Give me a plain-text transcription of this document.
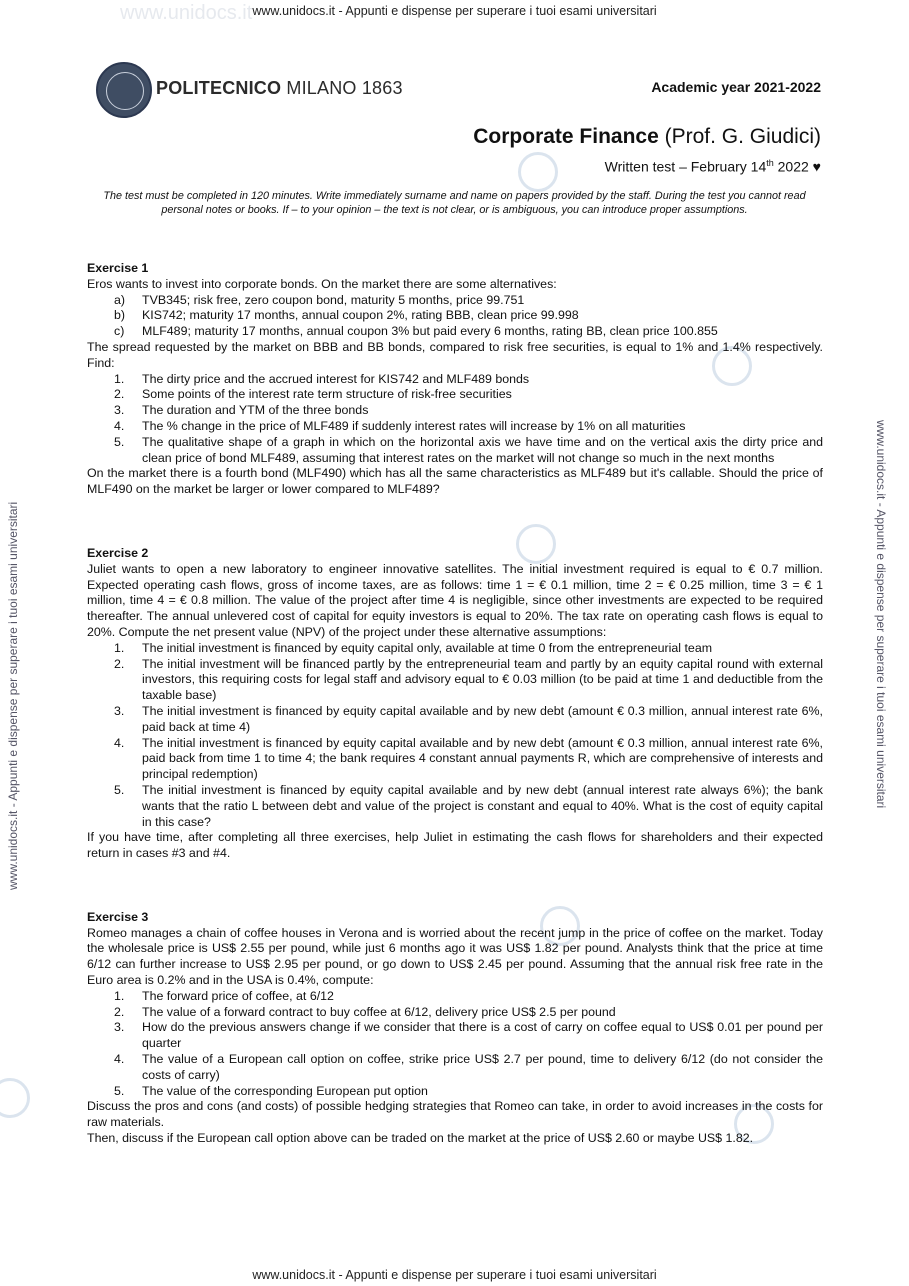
www.unidocs.it - Appunti e dispense per superare i tuoi esami universitari
www.unidocs.it - Appunti e dispense per superare i tuoi esami universitari
www.unidocs.it - Appunti e dispense per superare i tuoi esami universitari	www.unidocs.it - Appunti e dispense per superare i tuoi esami universitari
www.unidocs.it
POLITECNICO MILANO 1863	Academic year 2021-2022
Corporate Finance (Prof. G. Giudici)
Written test – February 14th 2022 ♥
The test must be completed in 120 minutes. Write immediately surname and name on papers provided by the staff. During the test you cannot read personal notes or books. If – to your opinion – the text is not clear, or is ambiguous, you can introduce proper assumptions.

Exercise 1

Eros wants to invest into corporate bonds. On the market there are some alternatives:

a) TVB345; risk free, zero coupon bond, maturity 5 months, price 99.751
b) KIS742; maturity 17 months, annual coupon 2%, rating BBB, clean price 99.998
c) MLF489; maturity 17 months, annual coupon 3% but paid every 6 months, rating BB, clean price 100.855

The spread requested by the market on BBB and BB bonds, compared to risk free securities, is equal to 1% and 1.4% respectively. Find:

1. The dirty price and the accrued interest for KIS742 and MLF489 bonds
2. Some points of the interest rate term structure of risk-free securities
3. The duration and YTM of the three bonds
4. The % change in the price of MLF489 if suddenly interest rates will increase by 1% on all maturities
5. The qualitative shape of a graph in which on the horizontal axis we have time and on the vertical axis the dirty price and clean price of bond MLF489, assuming that interest rates on the market will not change so much in the next months

On the market there is a fourth bond (MLF490) which has all the same characteristics as MLF489 but it's callable. Should the price of MLF490 on the market be larger or lower compared to MLF489?

Exercise 2

Juliet wants to open a new laboratory to engineer innovative satellites. The initial investment required is equal to € 0.7 million. Expected operating cash flows, gross of income taxes, are as follows: time 1 = € 0.1 million, time 2 = € 0.25 million, time 3 = € 1 million, time 4 = € 0.8 million. The value of the project after time 4 is negligible, since other investments are expected to be required thereafter. The annual unlevered cost of capital for equity investors is equal to 20%. The tax rate on operating cash flows is equal to 20%. Compute the net present value (NPV) of the project under these alternative assumptions:

1. The initial investment is financed by equity capital only, available at time 0 from the entrepreneurial team
2. The initial investment will be financed partly by the entrepreneurial team and partly by an equity capital round with external investors, this requiring costs for legal staff and advisory equal to € 0.03 million (to be paid at time 1 and deductible from the taxable base)
3. The initial investment is financed by equity capital available and by new debt (amount € 0.3 million, annual interest rate 6%, paid back at time 4)
4. The initial investment is financed by equity capital available and by new debt (amount € 0.3 million, annual interest rate 6%, paid back from time 1 to time 4; the bank requires 4 constant annual payments R, which are comprehensive of interests and principal redemption)
5. The initial investment is financed by equity capital available and by new debt (annual interest rate always 6%); the bank wants that the ratio L between debt and value of the project is constant and equal to 40%. What is the cost of equity capital in this case?

If you have time, after completing all three exercises, help Juliet in estimating the cash flows for shareholders and their expected return in cases #3 and #4.

Exercise 3

Romeo manages a chain of coffee houses in Verona and is worried about the recent jump in the price of coffee on the market. Today the wholesale price is US$ 2.55 per pound, while just 6 months ago it was US$ 1.82 per pound. Analysts think that the price at time 6/12 can further increase to US$ 2.95 per pound, or go down to US$ 2.45 per pound. Assuming that the annual risk free rate in the Euro area is 0.2% and in the USA is 0.4%, compute:

1. The forward price of coffee, at 6/12
2. The value of a forward contract to buy coffee at 6/12, delivery price US$ 2.5 per pound
3. How do the previous answers change if we consider that there is a cost of carry on coffee equal to US$ 0.01 per pound per quarter
4. The value of a European call option on coffee, strike price US$ 2.7 per pound, time to delivery 6/12 (do not consider the costs of carry)
5. The value of the corresponding European put option

Discuss the pros and cons (and costs) of possible hedging strategies that Romeo can take, in order to avoid increases in the costs for raw materials.

Then, discuss if the European call option above can be traded on the market at the price of US$ 2.60 or maybe US$ 1.82.
